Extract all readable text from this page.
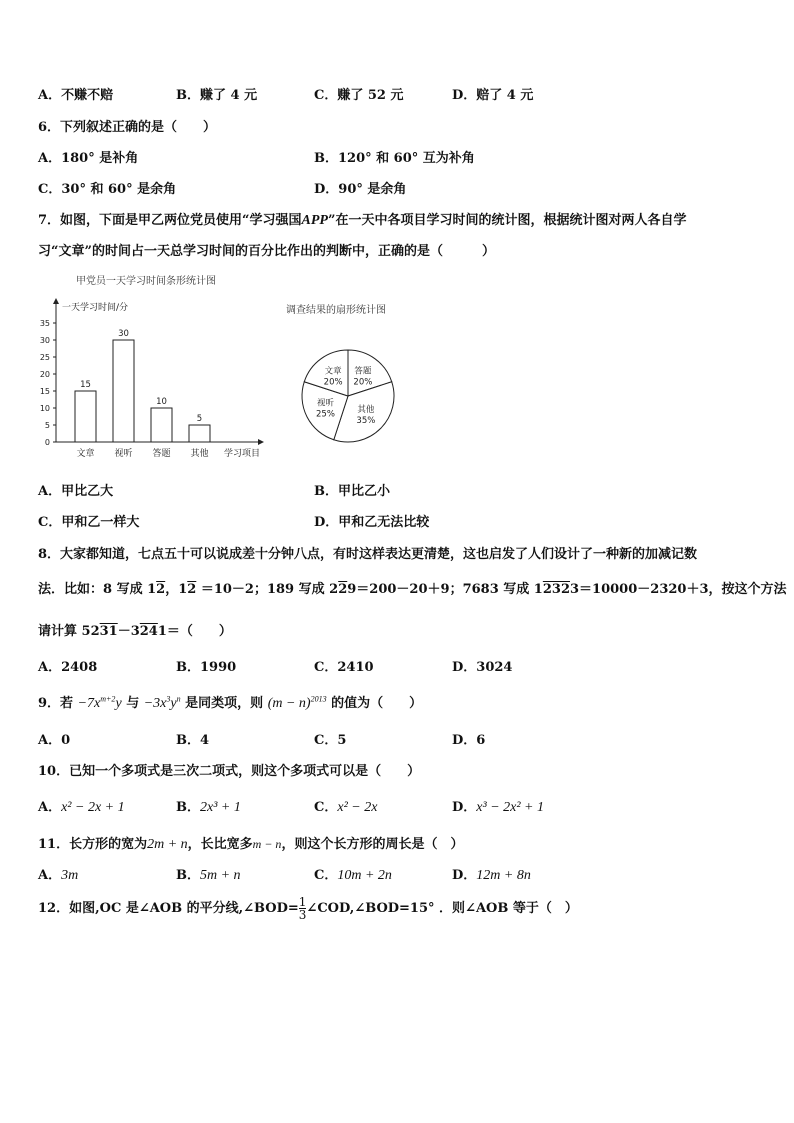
A．不赚不赔	B．赚了 4 元	C．赚了 52 元	D．赔了 4 元
6．下列叙述正确的是（　　）
A．180° 是补角	B．120° 和 60° 互为补角
C．30° 和 60° 是余角	D．90° 是余角
7．如图，下面是甲乙两位党员使用“学习强国APP”在一天中各项目学习时间的统计图，根据统计图对两人各自学
习“文章”的时间占一天总学习时间的百分比作出的判断中，正确的是（　　　）
甲党员一天学习时间条形统计图
调查结果的扇形统计图
一天学习时间/分
学习项目
0
5
10
15
20
25
30
35
15
文章
30
视听
10
答题
5
其他
答题
20%
其他
35%
视听
25%
文章
20%
A．甲比乙大	B．甲比乙小
C．甲和乙一样大	D．甲和乙无法比较
8．大家都知道，七点五十可以说成差十分钟八点，有时这样表达更清楚，这也启发了人们设计了一种新的加减记数
法．比如：8 写成 12，12 ＝10－2；189 写成 229＝200－20＋9；7683 写成 12323＝10000－2320＋3，按这个方法
请计算 5231－3241＝（　　）
A．2408	B．1990	C．2410	D．3024
9．若 $-7x^{m+2}y$ 与 $-3x^3y^n$ 是同类项，则 $(m - n)^{2013}$ 的值为（　　）
A．0	B．4	C．5	D．6
10．已知一个多项式是三次二项式，则这个多项式可以是（　　）
A．x² − 2x + 1	B．2x³ + 1	C．x² − 2x	D．x³ − 2x² + 1
11．长方形的宽为2m + n，长比宽多m − n，则这个长方形的周长是（　）
A．3m	B．5m + n	C．10m + 2n	D．12m + 8n
12．如图,OC 是∠AOB 的平分线,∠BOD= $\frac{1}{3}$ ∠COD,∠BOD=15° ．则∠AOB 等于（　）
